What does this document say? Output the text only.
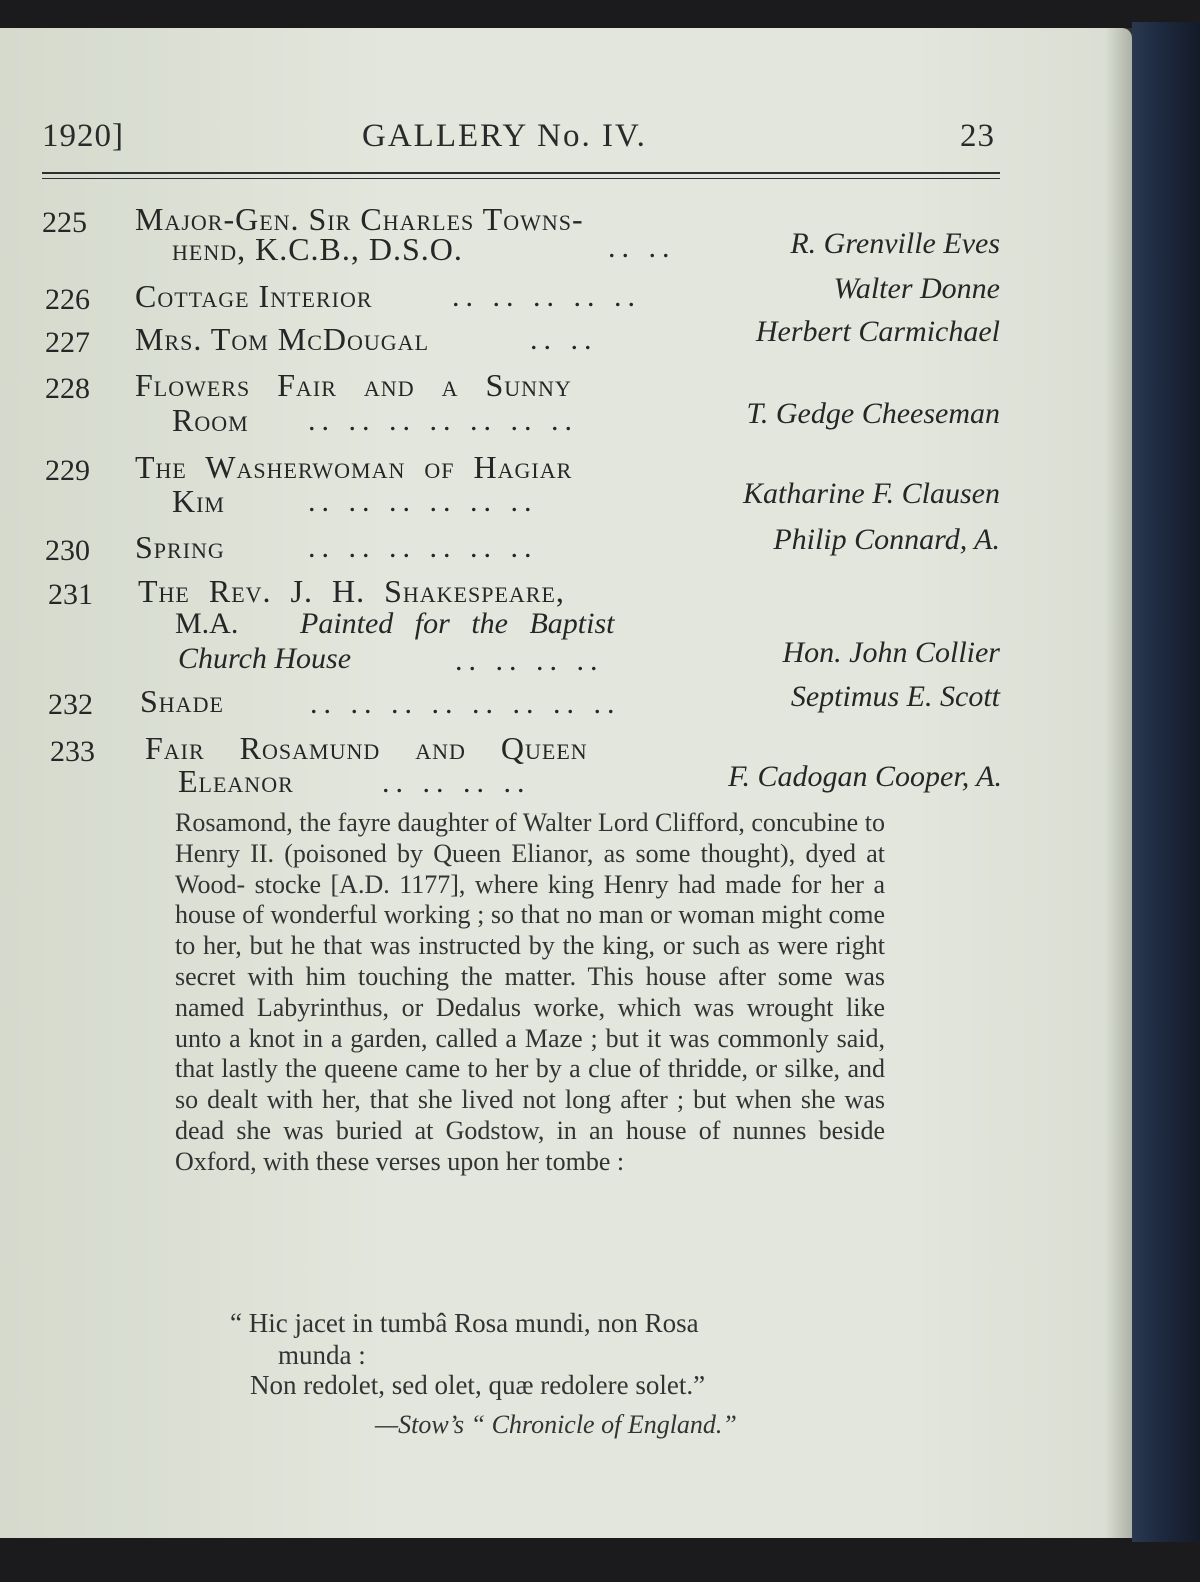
1920]	GALLERY No. IV.	23
225 Major-Gen. Sir Charles Towns-
hend, K.C.B., D.S.O.	.. ..	R. Grenville Eves
226 Cottage Interior	.. .. .. .. ..	Walter Donne
227 Mrs. Tom McDougal	.. ..	Herbert Carmichael
228 Flowers Fair and a Sunny
Room .. .. .. .. .. .. ..	T. Gedge Cheeseman
229 The Washerwoman of Hagiar
Kim	.. .. .. .. .. ..	Katharine F. Clausen
230 Spring	.. .. .. .. .. ..	Philip Connard, A.
231 The Rev. J. H. Shakespeare,
M.A. Painted for the Baptist
Church House	.. .. .. ..	Hon. John Collier
232 Shade	.. .. .. .. .. .. .. ..	Septimus E. Scott
233 Fair Rosamund and Queen
Eleanor	.. .. .. ..	F. Cadogan Cooper, A.

Rosamond, the fayre daughter of Walter Lord Clifford, concubine to Henry II. (poisoned by Queen Elianor, as some thought), dyed at Wood- stocke [A.D. 1177], where king Henry had made for her a house of wonderful working ; so that no man or woman might come to her, but he that was instructed by the king, or such as were right secret with him touching the matter. This house after some was named Labyrinthus, or Dedalus worke, which was wrought like unto a knot in a garden, called a Maze ; but it was commonly said, that lastly the queene came to her by a clue of thridde, or silke, and so dealt with her, that she lived not long after ; but when she was dead she was buried at Godstow, in an house of nunnes beside Oxford, with these verses upon her tombe :

“ Hic jacet in tumbâ Rosa mundi, non Rosa
munda :
Non redolet, sed olet, quæ redolere solet.”
—Stow’s “ Chronicle of England.”
